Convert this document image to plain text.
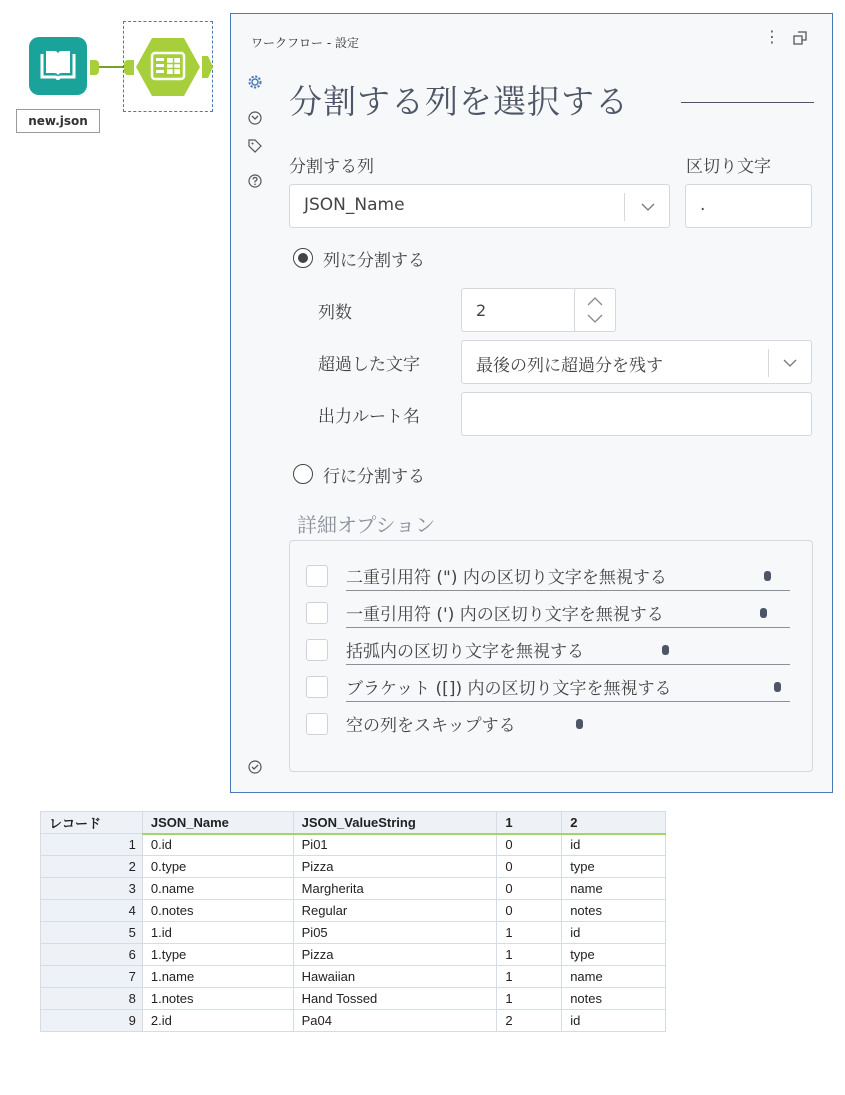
new.json
ワークフロー - 設定	⋮
分割する列を選択する
分割する列	区切り文字
JSON_Name	.
列に分割する
列数	2
超過した文字	最後の列に超過分を残す
出力ルート名
行に分割する
詳細オプション
二重引用符 (") 内の区切り文字を無視する
一重引用符 (') 内の区切り文字を無視する
括弧内の区切り文字を無視する
ブラケット ([]) 内の区切り文字を無視する
空の列をスキップする
レコード	JSON_Name	JSON_ValueString	1	2
1	0.id	Pi01	0	id
2	0.type	Pizza	0	type
3	0.name	Margherita	0	name
4	0.notes	Regular	0	notes
5	1.id	Pi05	1	id
6	1.type	Pizza	1	type
7	1.name	Hawaiian	1	name
8	1.notes	Hand Tossed	1	notes
9	2.id	Pa04	2	id
